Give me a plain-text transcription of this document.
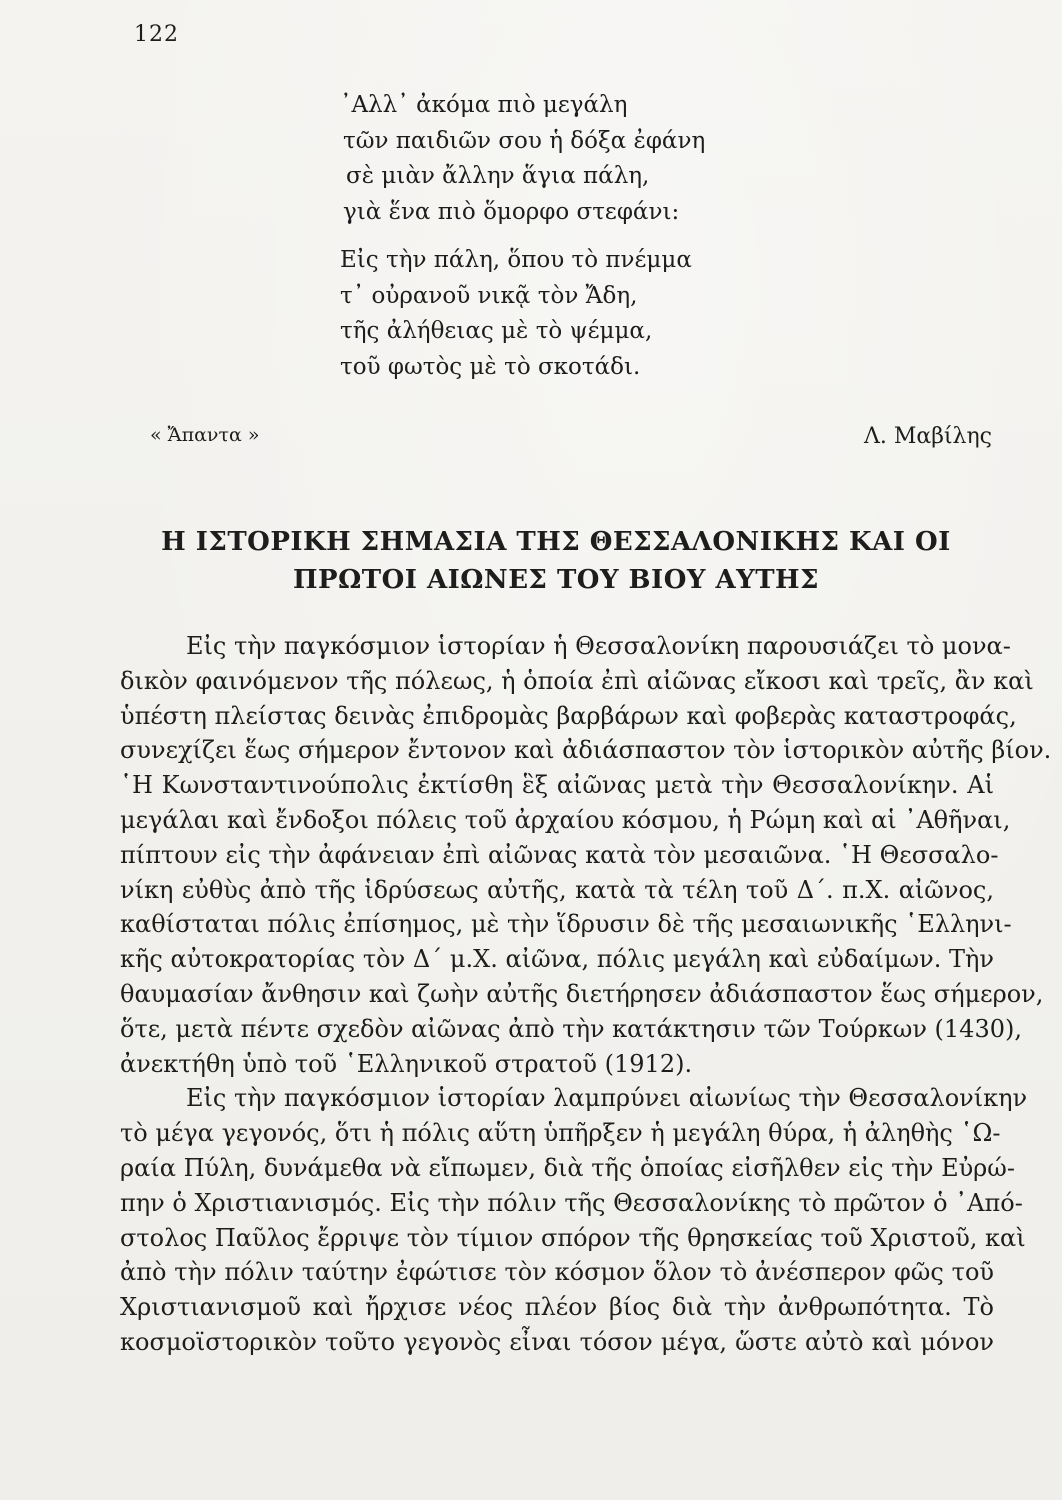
122
᾽Αλλ᾽ ἀκόμα πιὸ μεγάλη
τῶν παιδιῶν σου ἡ δόξα ἐφάνη
σὲ μιὰν ἄλλην ἅγια πάλη,
γιὰ ἕνα πιὸ ὅμορφο στεφάνι:
Εἰς τὴν πάλη, ὅπου τὸ πνέμμα
τ᾽ οὐρανοῦ νικᾷ τὸν Ἄδη,
τῆς ἀλήθειας μὲ τὸ ψέμμα,
τοῦ φωτὸς μὲ τὸ σκοτάδι.
« Ἄπαντα »	Λ. Μαβίλης
Η ΙΣΤΟΡΙΚΗ ΣΗΜΑΣΙΑ ΤΗΣ ΘΕΣΣΑΛΟΝΙΚΗΣ ΚΑΙ ΟΙ
ΠΡΩΤΟΙ ΑΙΩΝΕΣ ΤΟΥ ΒΙΟΥ ΑΥΤΗΣ
Εἰς τὴν παγκόσμιον ἱστορίαν ἡ Θεσσαλονίκη παρουσιάζει τὸ μονα-
δικὸν φαινόμενον τῆς πόλεως, ἡ ὁποία ἐπὶ αἰῶνας εἴκοσι καὶ τρεῖς, ἂν καὶ
ὑπέστη πλείστας δεινὰς ἐπιδρομὰς βαρβάρων καὶ φοβερὰς καταστροφάς,
συνεχίζει ἕως σήμερον ἔντονον καὶ ἀδιάσπαστον τὸν ἱστορικὸν αὐτῆς βίον.
῾Η Κωνσταντινούπολις ἐκτίσθη ἓξ αἰῶνας μετὰ τὴν Θεσσαλονίκην. Αἱ
μεγάλαι καὶ ἔνδοξοι πόλεις τοῦ ἀρχαίου κόσμου, ἡ Ρώμη καὶ αἱ ᾽Αθῆναι,
πίπτουν εἰς τὴν ἀφάνειαν ἐπὶ αἰῶνας κατὰ τὸν μεσαιῶνα. ῾Η Θεσσαλο-
νίκη εὐθὺς ἀπὸ τῆς ἱδρύσεως αὐτῆς, κατὰ τὰ τέλη τοῦ Δ΄. π.Χ. αἰῶνος,
καθίσταται πόλις ἐπίσημος, μὲ τὴν ἵδρυσιν δὲ τῆς μεσαιωνικῆς ῾Ελληνι-
κῆς αὐτοκρατορίας τὸν Δ΄ μ.Χ. αἰῶνα, πόλις μεγάλη καὶ εὐδαίμων. Τὴν
θαυμασίαν ἄνθησιν καὶ ζωὴν αὐτῆς διετήρησεν ἀδιάσπαστον ἕως σήμερον,
ὅτε, μετὰ πέντε σχεδὸν αἰῶνας ἀπὸ τὴν κατάκτησιν τῶν Τούρκων (1430),
ἀνεκτήθη ὑπὸ τοῦ ῾Ελληνικοῦ στρατοῦ (1912).
Εἰς τὴν παγκόσμιον ἱστορίαν λαμπρύνει αἰωνίως τὴν Θεσσαλονίκην
τὸ μέγα γεγονός, ὅτι ἡ πόλις αὕτη ὑπῆρξεν ἡ μεγάλη θύρα, ἡ ἀληθὴς ῾Ω-
ραία Πύλη, δυνάμεθα νὰ εἴπωμεν, διὰ τῆς ὁποίας εἰσῆλθεν εἰς τὴν Εὐρώ-
πην ὁ Χριστιανισμός. Εἰς τὴν πόλιν τῆς Θεσσαλονίκης τὸ πρῶτον ὁ ᾽Από-
στολος Παῦλος ἔρριψε τὸν τίμιον σπόρον τῆς θρησκείας τοῦ Χριστοῦ, καὶ
ἀπὸ τὴν πόλιν ταύτην ἐφώτισε τὸν κόσμον ὅλον τὸ ἀνέσπερον φῶς τοῦ
Χριστιανισμοῦ καὶ ἤρχισε νέος πλέον βίος διὰ τὴν ἀνθρωπότητα. Τὸ
κοσμοϊστορικὸν τοῦτο γεγονὸς εἶναι τόσον μέγα, ὥστε αὐτὸ καὶ μόνον
